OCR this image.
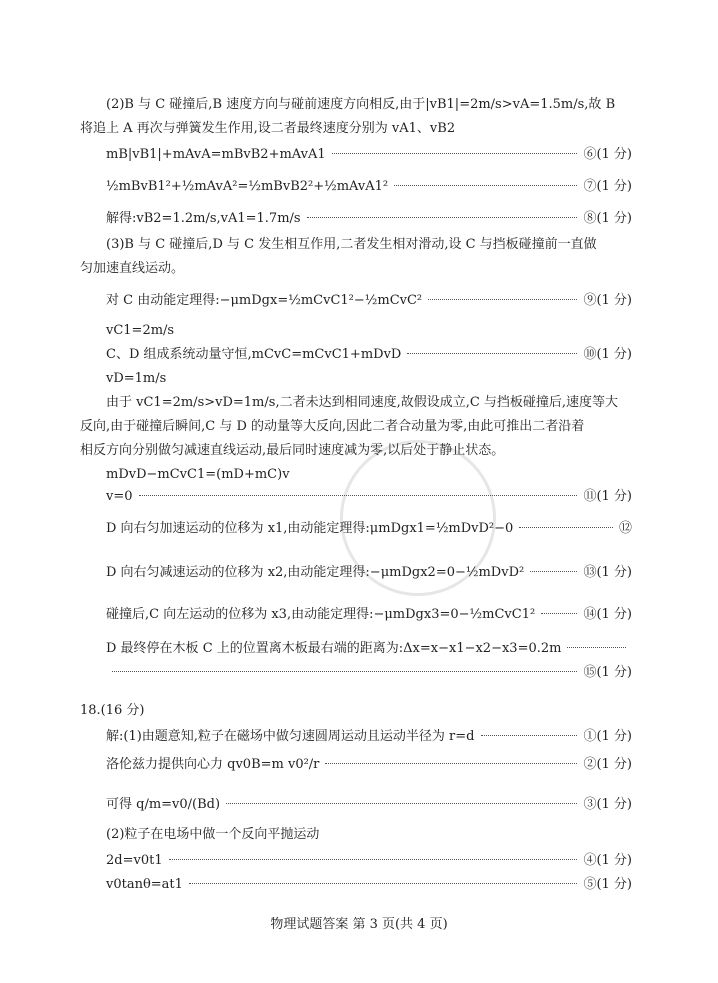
(2)B 与 C 碰撞后,B 速度方向与碰前速度方向相反,由于|vB1|=2m/s>vA=1.5m/s,故 B
将追上 A 再次与弹簧发生作用,设二者最终速度分别为 vA1、vB2
(3)B 与 C 碰撞后,D 与 C 发生相互作用,二者发生相对滑动,设 C 与挡板碰撞前一直做
匀加速直线运动。
vC1=2m/s
vD=1m/s
由于 vC1=2m/s>vD=1m/s,二者未达到相同速度,故假设成立,C 与挡板碰撞后,速度等大
反向,由于碰撞后瞬间,C 与 D 的动量等大反向,因此二者合动量为零,由此可推出二者沿着
相反方向分别做匀减速直线运动,最后同时速度减为零,以后处于静止状态。
mDvD−mCvC1=(mD+mC)v
18.(16 分)
(2)粒子在电场中做一个反向平抛运动
mB|vB1|+mAvA=mBvB2+mAvA1	⑥(1 分)
½mBvB1²+½mAvA²=½mBvB2²+½mAvA1²	⑦(1 分)
解得:vB2=1.2m/s,vA1=1.7m/s	⑧(1 分)
对 C 由动能定理得:−μmDgx=½mCvC1²−½mCvC²	⑨(1 分)
C、D 组成系统动量守恒,mCvC=mCvC1+mDvD	⑩(1 分)
v=0	⑪(1 分)
D 向右匀加速运动的位移为 x1,由动能定理得:μmDgx1=½mDvD²−0	⑫
D 向右匀减速运动的位移为 x2,由动能定理得:−μmDgx2=0−½mDvD²	⑬(1 分)
碰撞后,C 向左运动的位移为 x3,由动能定理得:−μmDgx3=0−½mCvC1²	⑭(1 分)
D 最终停在木板 C 上的位置离木板最右端的距离为:Δx=x−x1−x2−x3=0.2m
⑮(1 分)
解:(1)由题意知,粒子在磁场中做匀速圆周运动且运动半径为 r=d	①(1 分)
洛伦兹力提供向心力 qv0B=m v0²/r	②(1 分)
可得 q/m=v0/(Bd)	③(1 分)
2d=v0t1	④(1 分)
v0tanθ=at1	⑤(1 分)
物理试题答案 第 3 页(共 4 页)
